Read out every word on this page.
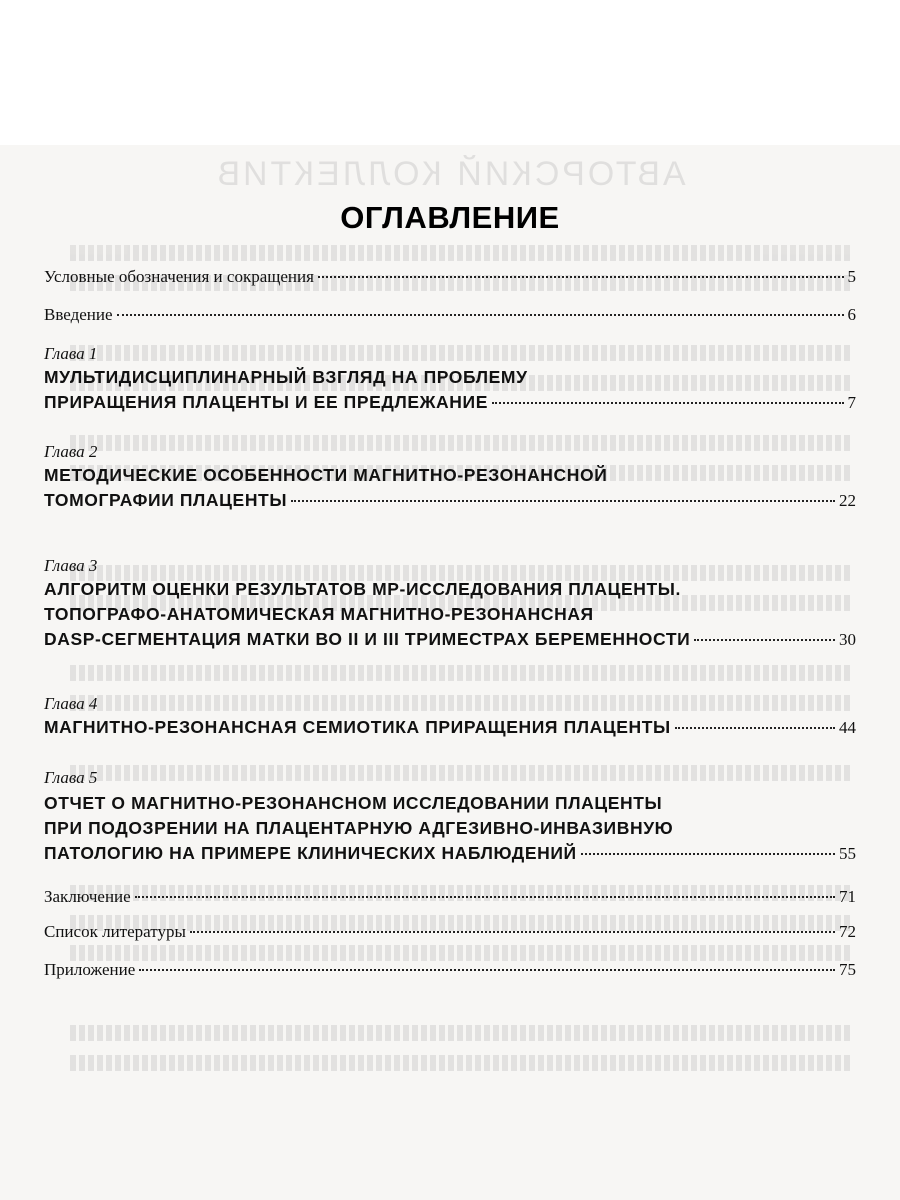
АВТОРСКИЙ КОЛЛЕКТИВ
ОГЛАВЛЕНИЕ
Условные обозначения и сокращения	5
Введение	6
Глава 1
МУЛЬТИДИСЦИПЛИНАРНЫЙ ВЗГЛЯД НА ПРОБЛЕМУ
ПРИРАЩЕНИЯ ПЛАЦЕНТЫ И ЕЕ ПРЕДЛЕЖАНИЕ	7
Глава 2
МЕТОДИЧЕСКИЕ ОСОБЕННОСТИ МАГНИТНО-РЕЗОНАНСНОЙ
ТОМОГРАФИИ ПЛАЦЕНТЫ	22
Глава 3
АЛГОРИТМ ОЦЕНКИ РЕЗУЛЬТАТОВ МР-ИССЛЕДОВАНИЯ ПЛАЦЕНТЫ.
ТОПОГРАФО-АНАТОМИЧЕСКАЯ МАГНИТНО-РЕЗОНАНСНАЯ
DASP-СЕГМЕНТАЦИЯ МАТКИ ВО II И III ТРИМЕСТРАХ БЕРЕМЕННОСТИ	30
Глава 4
МАГНИТНО-РЕЗОНАНСНАЯ СЕМИОТИКА ПРИРАЩЕНИЯ ПЛАЦЕНТЫ	44
Глава 5
ОТЧЕТ О МАГНИТНО-РЕЗОНАНСНОМ ИССЛЕДОВАНИИ ПЛАЦЕНТЫ
ПРИ ПОДОЗРЕНИИ НА ПЛАЦЕНТАРНУЮ АДГЕЗИВНО-ИНВАЗИВНУЮ
ПАТОЛОГИЮ НА ПРИМЕРЕ КЛИНИЧЕСКИХ НАБЛЮДЕНИЙ	55
Заключение	71
Список литературы	72
Приложение	75
